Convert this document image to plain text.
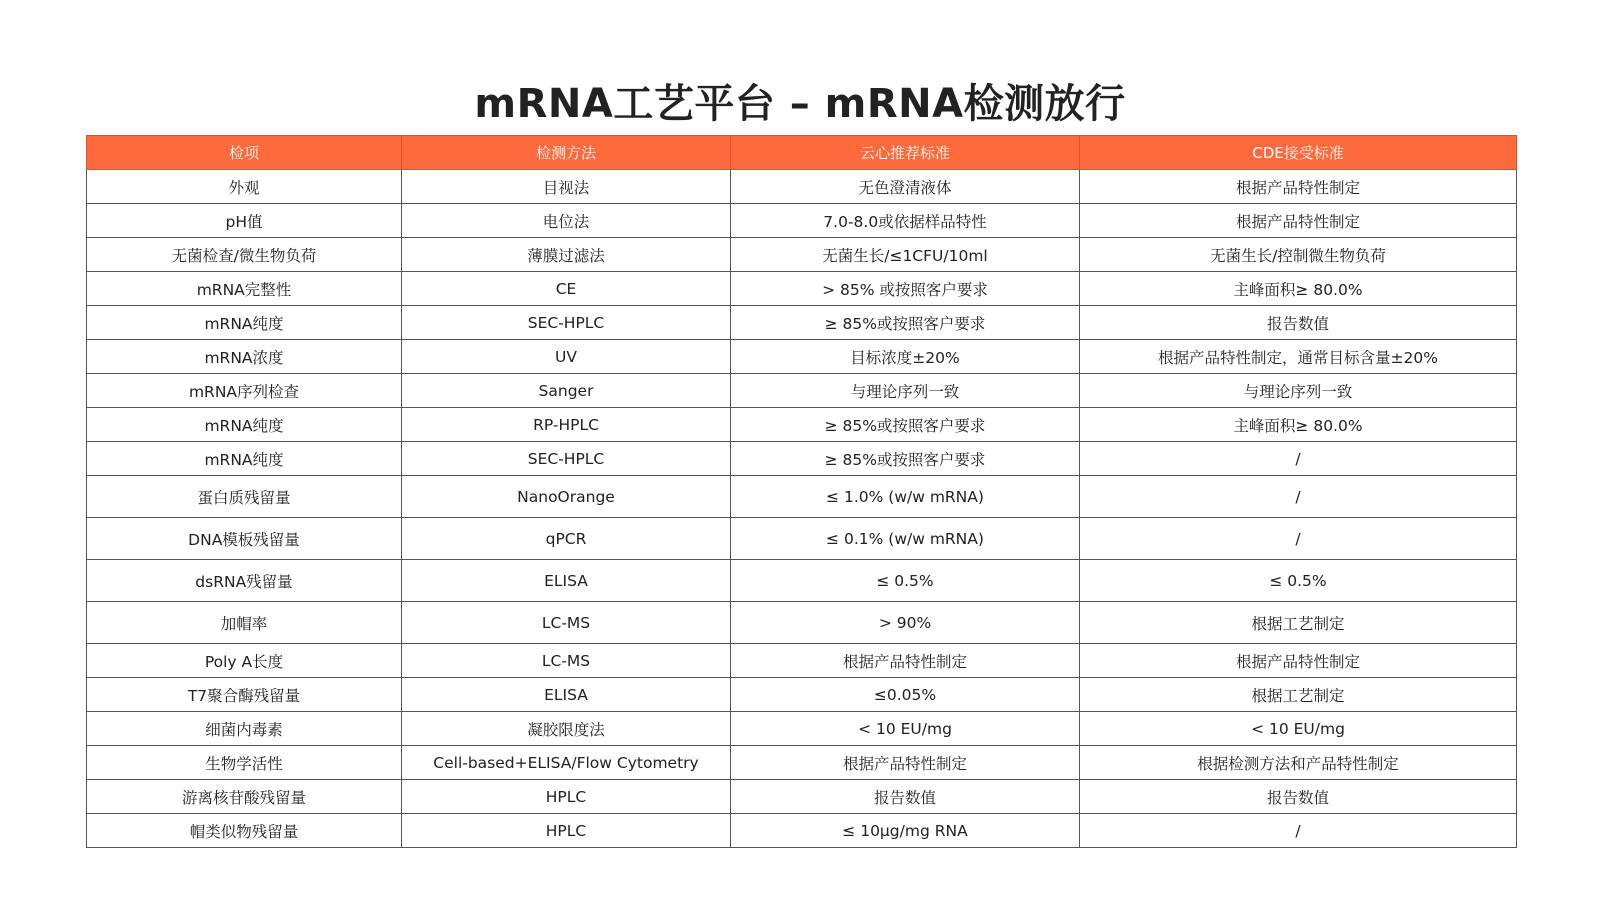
mRNA工艺平台 – mRNA检测放行
检项	检测方法	云心推荐标准	CDE接受标准
外观	目视法	无色澄清液体	根据产品特性制定
pH值	电位法	7.0-8.0或依据样品特性	根据产品特性制定
无菌检查/微生物负荷	薄膜过滤法	无菌生长/≤1CFU/10ml	无菌生长/控制微生物负荷
mRNA完整性	CE	> 85% 或按照客户要求	主峰面积≥ 80.0%
mRNA纯度	SEC-HPLC	≥ 85%或按照客户要求	报告数值
mRNA浓度	UV	目标浓度±20%	根据产品特性制定，通常目标含量±20%
mRNA序列检查	Sanger	与理论序列一致	与理论序列一致
mRNA纯度	RP-HPLC	≥ 85%或按照客户要求	主峰面积≥ 80.0%
mRNA纯度	SEC-HPLC	≥ 85%或按照客户要求	/
蛋白质残留量	NanoOrange	≤ 1.0% (w/w mRNA)	/
DNA模板残留量	qPCR	≤ 0.1% (w/w mRNA)	/
dsRNA残留量	ELISA	≤ 0.5%	≤ 0.5%
加帽率	LC-MS	> 90%	根据工艺制定
Poly A长度	LC-MS	根据产品特性制定	根据产品特性制定
T7聚合酶残留量	ELISA	≤0.05%	根据工艺制定
细菌内毒素	凝胶限度法	< 10 EU/mg	< 10 EU/mg
生物学活性	Cell-based+ELISA/Flow Cytometry	根据产品特性制定	根据检测方法和产品特性制定
游离核苷酸残留量	HPLC	报告数值	报告数值
帽类似物残留量	HPLC	≤ 10μg/mg RNA	/
